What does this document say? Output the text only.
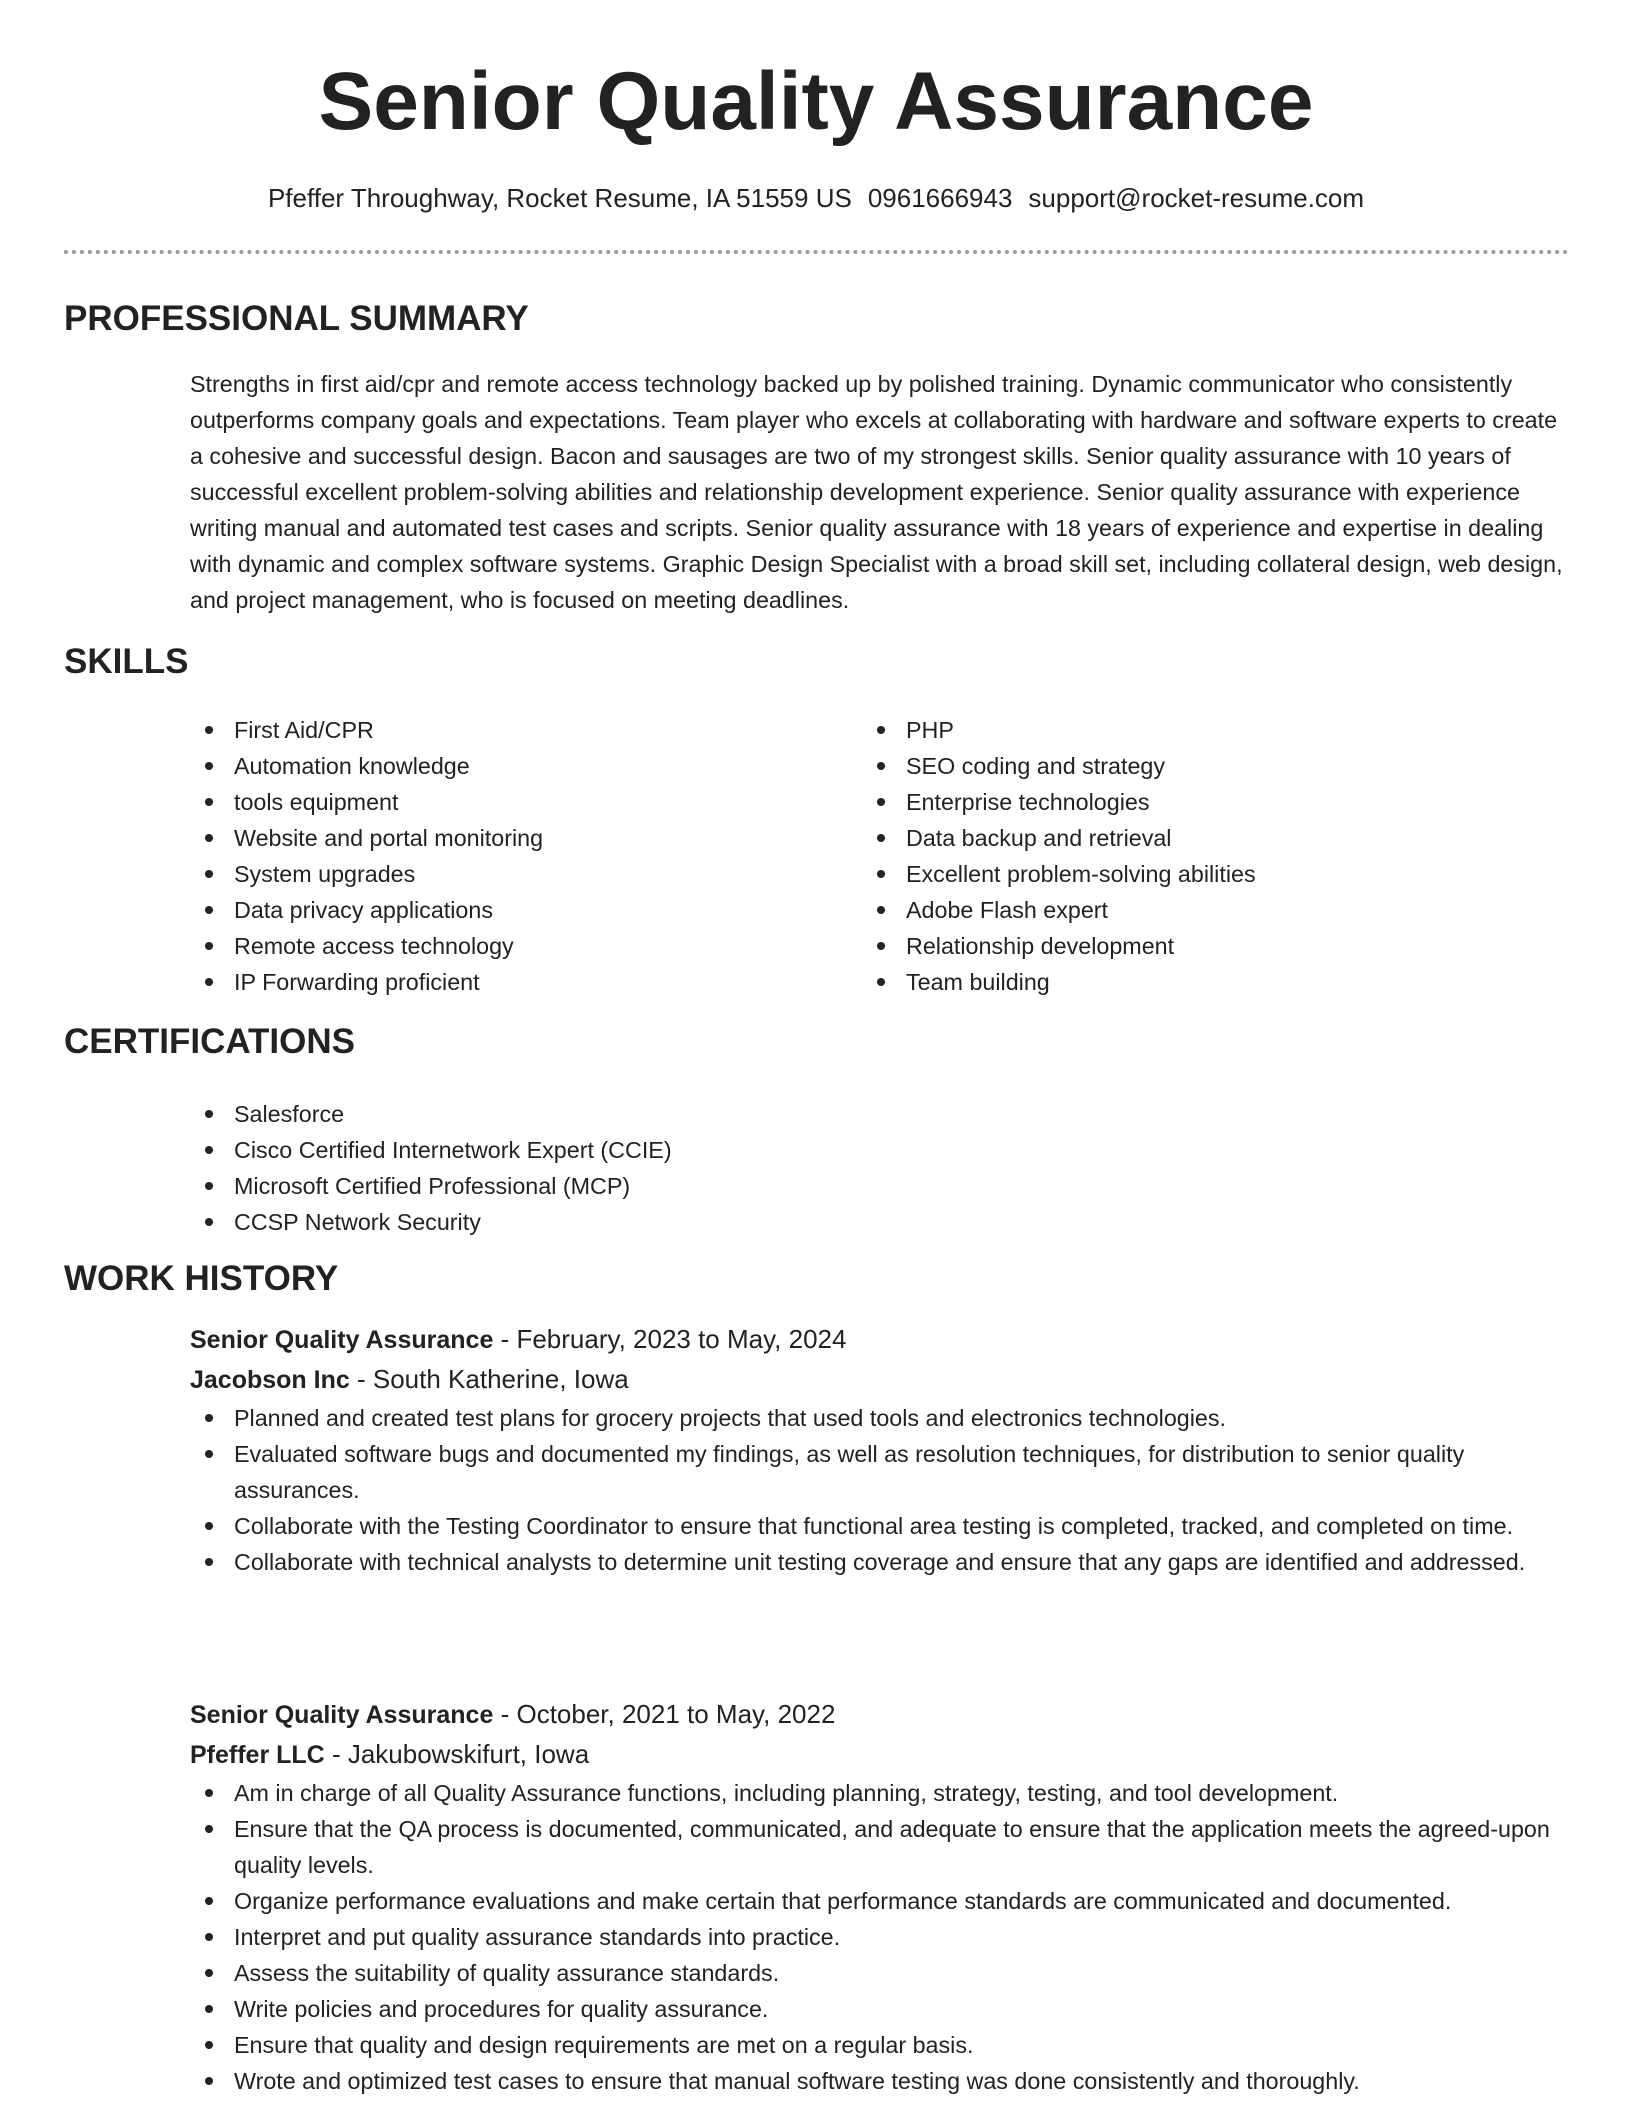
Senior Quality Assurance
Pfeffer Throughway, Rocket Resume, IA 51559 US 0961666943 support@rocket-resume.com
PROFESSIONAL SUMMARY
Strengths in first aid/cpr and remote access technology backed up by polished training. Dynamic communicator who consistently outperforms company goals and expectations. Team player who excels at collaborating with hardware and software experts to create a cohesive and successful design. Bacon and sausages are two of my strongest skills. Senior quality assurance with 10 years of successful excellent problem-solving abilities and relationship development experience. Senior quality assurance with experience writing manual and automated test cases and scripts. Senior quality assurance with 18 years of experience and expertise in dealing with dynamic and complex software systems. Graphic Design Specialist with a broad skill set, including collateral design, web design, and project management, who is focused on meeting deadlines.
SKILLS
First Aid/CPR
Automation knowledge
tools equipment
Website and portal monitoring
System upgrades
Data privacy applications
Remote access technology
IP Forwarding proficient
PHP
SEO coding and strategy
Enterprise technologies
Data backup and retrieval
Excellent problem-solving abilities
Adobe Flash expert
Relationship development
Team building
CERTIFICATIONS
Salesforce
Cisco Certified Internetwork Expert (CCIE)
Microsoft Certified Professional (MCP)
CCSP Network Security
WORK HISTORY
Senior Quality Assurance - February, 2023 to May, 2024
Jacobson Inc - South Katherine, Iowa
Planned and created test plans for grocery projects that used tools and electronics technologies.
Evaluated software bugs and documented my findings, as well as resolution techniques, for distribution to senior quality assurances.
Collaborate with the Testing Coordinator to ensure that functional area testing is completed, tracked, and completed on time.
Collaborate with technical analysts to determine unit testing coverage and ensure that any gaps are identified and addressed.
Senior Quality Assurance - October, 2021 to May, 2022
Pfeffer LLC - Jakubowskifurt, Iowa
Am in charge of all Quality Assurance functions, including planning, strategy, testing, and tool development.
Ensure that the QA process is documented, communicated, and adequate to ensure that the application meets the agreed-upon quality levels.
Organize performance evaluations and make certain that performance standards are communicated and documented.
Interpret and put quality assurance standards into practice.
Assess the suitability of quality assurance standards.
Write policies and procedures for quality assurance.
Ensure that quality and design requirements are met on a regular basis.
Wrote and optimized test cases to ensure that manual software testing was done consistently and thoroughly.
